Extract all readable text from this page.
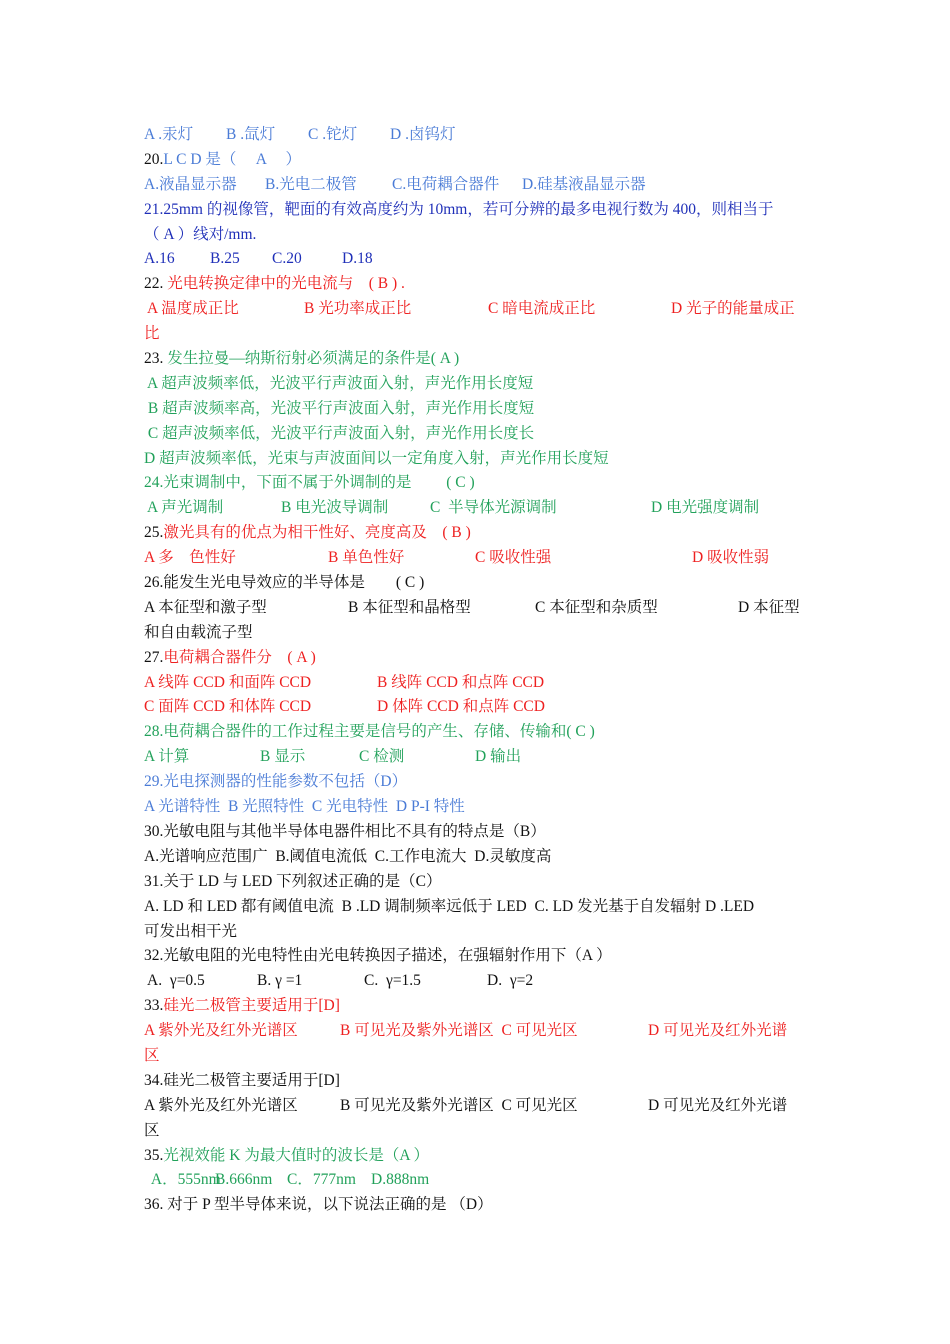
A .汞灯 B .氙灯 C .铊灯 D .卤钨灯
20.L C D 是（　 A　 ）
A.液晶显示器 B.光电二极管 C.电荷耦合器件 D.硅基液晶显示器
21.25mm 的视像管，靶面的有效高度约为 10mm，若可分辨的最多电视行数为 400，则相当于
（ A ）线对/mm.
A.16 B.25 C.20	D.18
22. 光电转换定律中的光电流与　( B ) .
A 温度成正比	B 光功率成正比	C 暗电流成正比	D 光子的能量成正
比
23. 发生拉曼—纳斯衍射必须满足的条件是( A )
A 超声波频率低，光波平行声波面入射，声光作用长度短
B 超声波频率高，光波平行声波面入射，声光作用长度短
C 超声波频率低，光波平行声波面入射，声光作用长度长
D 超声波频率低，光束与声波面间以一定角度入射，声光作用长度短
24.光束调制中，下面不属于外调制的是　　 ( C )
A 声光调制	B 电光波导调制	C  半导体光源调制	D 电光强度调制
25.激光具有的优点为相干性好、亮度高及　( B )
A 多　色性好	B 单色性好	C 吸收性强	D 吸收性弱
26.能发生光电导效应的半导体是　　( C )
A 本征型和激子型	B 本征型和晶格型	C 本征型和杂质型	D 本征型
和自由载流子型
27.电荷耦合器件分　( A )
A 线阵 CCD 和面阵 CCD	B 线阵 CCD 和点阵 CCD
C 面阵 CCD 和体阵 CCD	D 体阵 CCD 和点阵 CCD
28.电荷耦合器件的工作过程主要是信号的产生、存储、传输和( C )
A 计算	B 显示	C 检测	D 输出
29.光电探测器的性能参数不包括（D）
A 光谱特性  B 光照特性  C 光电特性  D P-I 特性
30.光敏电阻与其他半导体电器件相比不具有的特点是（B）
A.光谱响应范围广  B.阈值电流低  C.工作电流大  D.灵敏度高
31.关于 LD 与 LED 下列叙述正确的是（C）
A. LD 和 LED 都有阈值电流  B .LD 调制频率远低于 LED  C. LD 发光基于自发辐射 D .LED
可发出相干光
32.光敏电阻的光电特性由光电转换因子描述，在强辐射作用下（A ）
A.  γ=0.5	B. γ =1	C.  γ=1.5	D.  γ=2
33.硅光二极管主要适用于[D]
A 紫外光及红外光谱区	B 可见光及紫外光谱区  C 可见光区	D 可见光及红外光谱
区
34.硅光二极管主要适用于[D]
A 紫外光及红外光谱区	B 可见光及紫外光谱区  C 可见光区	D 可见光及红外光谱
区
35.光视效能 K 为最大值时的波长是（A ）
A．555nm
B.666nm C．777nm D.888nm
36. 对于 P 型半导体来说，以下说法正确的是 （D）
